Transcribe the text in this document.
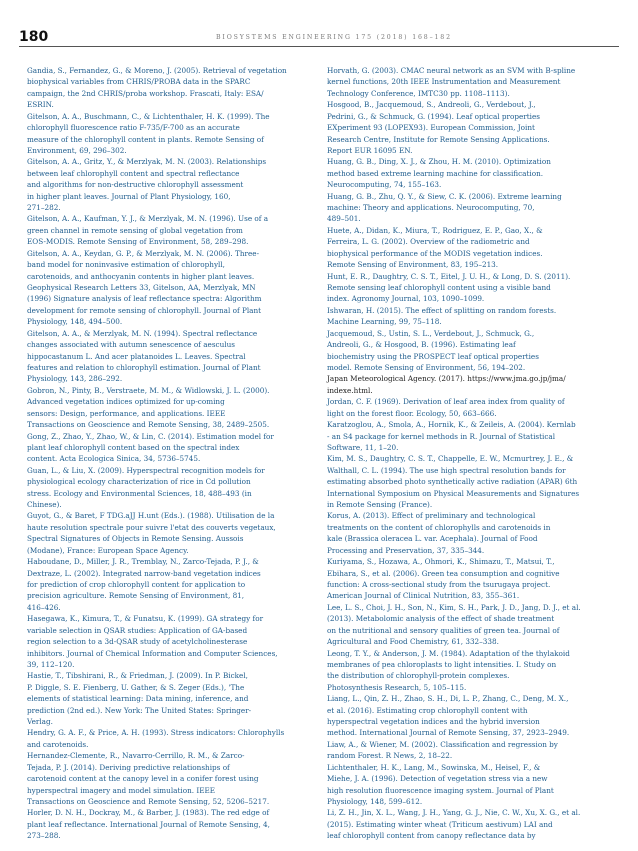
180	BIOSYSTEMS ENGINEERING 175 (2018) 168–182
Gandia, S., Fernandez, G., & Moreno, J. (2005). Retrieval of vegetation
biophysical variables from CHRIS/PROBA data in the SPARC
campaign, the 2nd CHRIS/proba workshop. Frascati, Italy: ESA/
ESRIN.
Gitelson, A. A., Buschmann, C., & Lichtenthaler, H. K. (1999). The
chlorophyll fluorescence ratio F-735/F-700 as an accurate
measure of the chlorophyll content in plants. Remote Sensing of
Environment, 69, 296–302.
Gitelson, A. A., Gritz, Y., & Merzlyak, M. N. (2003). Relationships
between leaf chlorophyll content and spectral reflectance
and algorithms for non-destructive chlorophyll assessment
in higher plant leaves. Journal of Plant Physiology, 160,
271–282.
Gitelson, A. A., Kaufman, Y. J., & Merzlyak, M. N. (1996). Use of a
green channel in remote sensing of global vegetation from
EOS-MODIS. Remote Sensing of Environment, 58, 289–298.
Gitelson, A. A., Keydan, G. P., & Merzlyak, M. N. (2006). Three-
band model for noninvasive estimation of chlorophyll,
carotenoids, and anthocyanin contents in higher plant leaves.
Geophysical Research Letters 33, Gitelson, AA, Merzlyak, MN
(1996) Signature analysis of leaf reflectance spectra: Algorithm
development for remote sensing of chlorophyll. Journal of Plant
Physiology, 148, 494–500.
Gitelson, A. A., & Merzlyak, M. N. (1994). Spectral reflectance
changes associated with autumn senescence of aesculus
hippocastanum L. And acer platanoides L. Leaves. Spectral
features and relation to chlorophyll estimation. Journal of Plant
Physiology, 143, 286–292.
Gobron, N., Pinty, B., Verstraete, M. M., & Widlowski, J. L. (2000).
Advanced vegetation indices optimized for up-coming
sensors: Design, performance, and applications. IEEE
Transactions on Geoscience and Remote Sensing, 38, 2489–2505.
Gong, Z., Zhao, Y., Zhao, W., & Lin, C. (2014). Estimation model for
plant leaf chlorophyll content based on the spectral index
content. Acta Ecologica Sinica, 34, 5736–5745.
Guan, L., & Liu, X. (2009). Hyperspectral recognition models for
physiological ecology characterization of rice in Cd pollution
stress. Ecology and Environmental Sciences, 18, 488–493 (in
Chinese).
Guyot, G., & Baret, F TDG.aJJ H.unt (Eds.). (1988). Utilisation de la
haute resolution spectrale pour suivre l'etat des couverts vegetaux,
Spectral Signatures of Objects in Remote Sensing. Aussois
(Modane), France: European Space Agency.
Haboudane, D., Miller, J. R., Tremblay, N., Zarco-Tejada, P. J., &
Dextraze, L. (2002). Integrated narrow-band vegetation indices
for prediction of crop chlorophyll content for application to
precision agriculture. Remote Sensing of Environment, 81,
416–426.
Hasegawa, K., Kimura, T., & Funatsu, K. (1999). GA strategy for
variable selection in QSAR studies: Application of GA-based
region selection to a 3d-QSAR study of acetylcholinesterase
inhibitors. Journal of Chemical Information and Computer Sciences,
39, 112–120.
Hastie, T., Tibshirani, R., & Friedman, J. (2009). In P. Bickel,
P. Diggle, S. E. Fienberg, U. Gather, & S. Zeger (Eds.), 'The
elements of statistical learning: Data mining, inference, and
prediction (2nd ed.). New York: The United States: Springer-
Verlag.
Hendry, G. A. F., & Price, A. H. (1993). Stress indicators: Chlorophylls
and carotenoids.
Hernandez-Clemente, R., Navarro-Cerrillo, R. M., & Zarco-
Tejada, P. J. (2014). Deriving predictive relationships of
carotenoid content at the canopy level in a conifer forest using
hyperspectral imagery and model simulation. IEEE
Transactions on Geoscience and Remote Sensing, 52, 5206–5217.
Horler, D. N. H., Dockray, M., & Barber, J. (1983). The red edge of
plant leaf reflectance. International Journal of Remote Sensing, 4,
273–288.
Horvath, G. (2003). CMAC neural network as an SVM with B-spline
kernel functions, 20th IEEE Instrumentation and Measurement
Technology Conference, IMTC30 pp. 1108–1113).
Hosgood, B., Jacquemoud, S., Andreoli, G., Verdebout, J.,
Pedrini, G., & Schmuck, G. (1994). Leaf optical properties
EXperiment 93 (LOPEX93). European Commission, Joint
Research Centre, Institute for Remote Sensing Applications.
Report EUR 16095 EN.
Huang, G. B., Ding, X. J., & Zhou, H. M. (2010). Optimization
method based extreme learning machine for classification.
Neurocomputing, 74, 155–163.
Huang, G. B., Zhu, Q. Y., & Siew, C. K. (2006). Extreme learning
machine: Theory and applications. Neurocomputing, 70,
489–501.
Huete, A., Didan, K., Miura, T., Rodriguez, E. P., Gao, X., &
Ferreira, L. G. (2002). Overview of the radiometric and
biophysical performance of the MODIS vegetation indices.
Remote Sensing of Environment, 83, 195–213.
Hunt, E. R., Daughtry, C. S. T., Eitel, J. U. H., & Long, D. S. (2011).
Remote sensing leaf chlorophyll content using a visible band
index. Agronomy Journal, 103, 1090–1099.
Ishwaran, H. (2015). The effect of splitting on random forests.
Machine Learning, 99, 75–118.
Jacquemoud, S., Ustin, S. L., Verdebout, J., Schmuck, G.,
Andreoli, G., & Hosgood, B. (1996). Estimating leaf
biochemistry using the PROSPECT leaf optical properties
model. Remote Sensing of Environment, 56, 194–202.
Japan Meteorological Agency. (2017). https://www.jma.go.jp/jma/
indexe.html.
Jordan, C. F. (1969). Derivation of leaf area index from quality of
light on the forest floor. Ecology, 50, 663–666.
Karatzoglou, A., Smola, A., Hornik, K., & Zeileis, A. (2004). Kernlab
- an S4 package for kernel methods in R. Journal of Statistical
Software, 11, 1–20.
Kim, M. S., Daughtry, C. S. T., Chappelle, E. W., Mcmurtrey, J. E., &
Walthall, C. L. (1994). The use high spectral resolution bands for
estimating absorbed photo synthetically active radiation (APAR) 6th
International Symposium on Physical Measurements and Signatures
in Remote Sensing (France).
Korus, A. (2013). Effect of preliminary and technological
treatments on the content of chlorophylls and carotenoids in
kale (Brassica oleracea L. var. Acephala). Journal of Food
Processing and Preservation, 37, 335–344.
Kuriyama, S., Hozawa, A., Ohmori, K., Shimazu, T., Matsui, T.,
Ebihara, S., et al. (2006). Green tea consumption and cognitive
function: A cross-sectional study from the tsurugaya project.
American Journal of Clinical Nutrition, 83, 355–361.
Lee, L. S., Choi, J. H., Son, N., Kim, S. H., Park, J. D., Jang, D. J., et al.
(2013). Metabolomic analysis of the effect of shade treatment
on the nutritional and sensory qualities of green tea. Journal of
Agricultural and Food Chemistry, 61, 332–338.
Leong, T. Y., & Anderson, J. M. (1984). Adaptation of the thylakoid
membranes of pea chloroplasts to light intensities. I. Study on
the distribution of chlorophyll-protein complexes.
Photosynthesis Research, 5, 105–115.
Liang, L., Qin, Z. H., Zhao, S. H., Di, L. P., Zhang, C., Deng, M. X.,
et al. (2016). Estimating crop chlorophyll content with
hyperspectral vegetation indices and the hybrid inversion
method. International Journal of Remote Sensing, 37, 2923–2949.
Liaw, A., & Wiener, M. (2002). Classification and regression by
random Forest. R News, 2, 18–22.
Lichtenthaler, H. K., Lang, M., Sowinska, M., Heisel, F., &
Miehe, J. A. (1996). Detection of vegetation stress via a new
high resolution fluorescence imaging system. Journal of Plant
Physiology, 148, 599–612.
Li, Z. H., Jin, X. L., Wang, J. H., Yang, G. J., Nie, C. W., Xu, X. G., et al.
(2015). Estimating winter wheat (Triticum aestivum) LAI and
leaf chlorophyll content from canopy reflectance data by
